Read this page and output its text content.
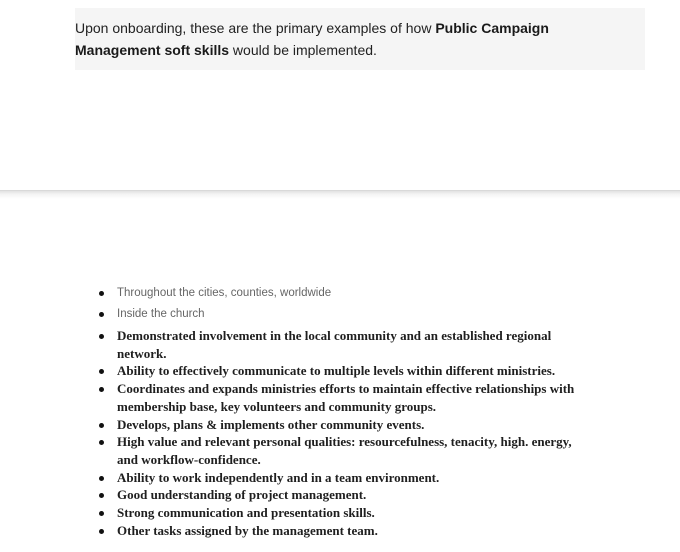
Upon onboarding, these are the primary examples of how Public Campaign
Management soft skills would be implemented.

Throughout the cities, counties, worldwide
Inside the church
Demonstrated involvement in the local community and an established regional
network.
Ability to effectively communicate to multiple levels within different ministries.
Coordinates and expands ministries efforts to maintain effective relationships with
membership base, key volunteers and community groups.
Develops, plans & implements other community events.
High value and relevant personal qualities: resourcefulness, tenacity, high. energy,
and workflow-confidence.
Ability to work independently and in a team environment.
Good understanding of project management.
Strong communication and presentation skills.
Other tasks assigned by the management team.
